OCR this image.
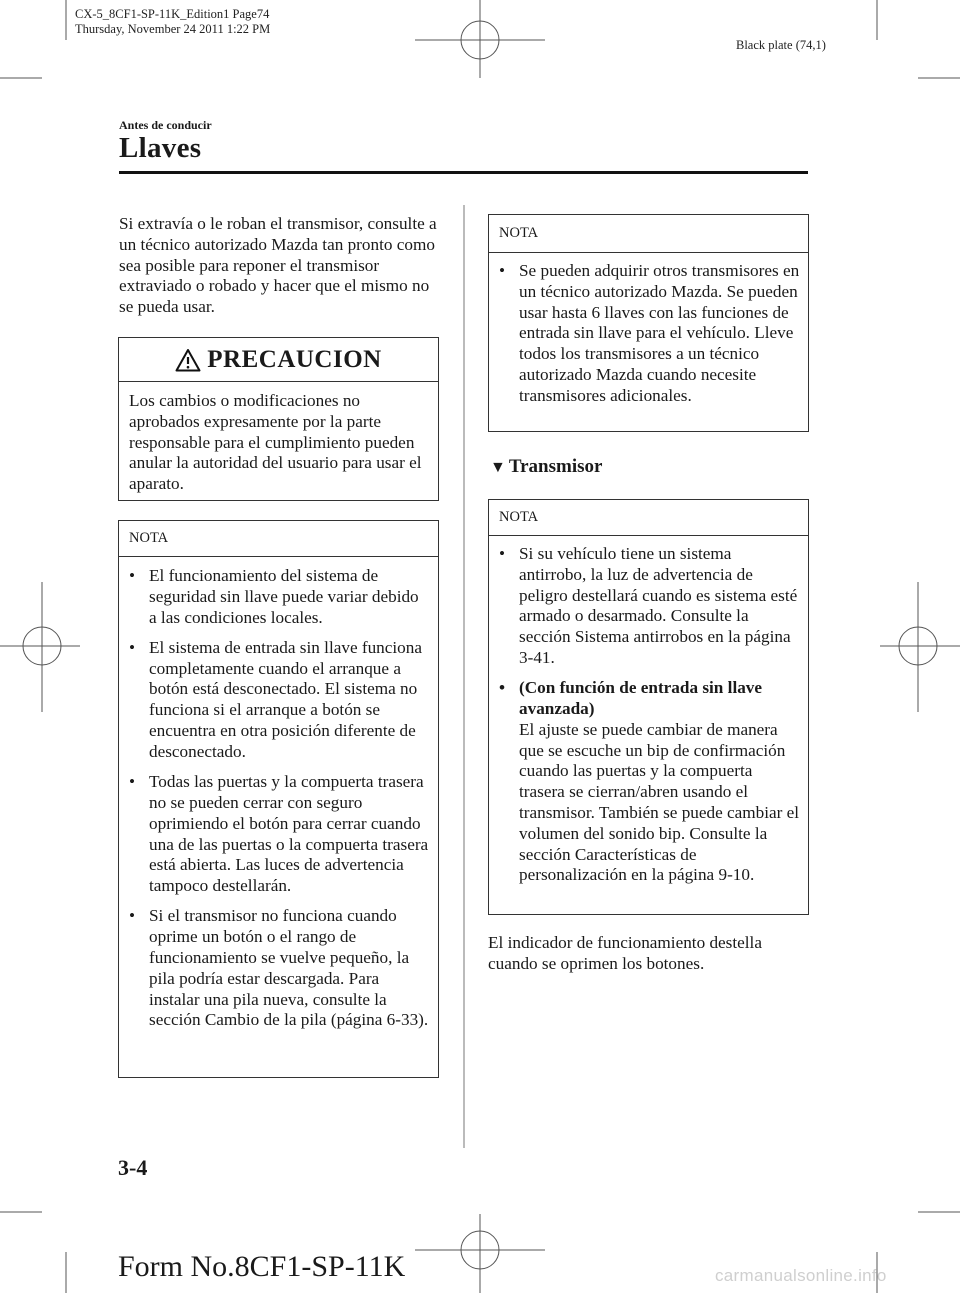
CX-5_8CF1-SP-11K_Edition1 Page74
Thursday, November 24 2011 1:22 PM
Black plate (74,1)
Antes de conducir
Llaves
Si extravía o le roban el transmisor, consulte a un técnico autorizado Mazda tan pronto como sea posible para reponer el transmisor extraviado o robado y hacer que el mismo no se pueda usar.
PRECAUCION
Los cambios o modificaciones no aprobados expresamente por la parte responsable para el cumplimiento pueden anular la autoridad del usuario para usar el aparato.
NOTA
• El funcionamiento del sistema de seguridad sin llave puede variar debido a las condiciones locales.
• El sistema de entrada sin llave funciona completamente cuando el arranque a botón está desconectado. El sistema no funciona si el arranque a botón se encuentra en otra posición diferente de desconectado.
• Todas las puertas y la compuerta trasera no se pueden cerrar con seguro oprimiendo el botón para cerrar cuando una de las puertas o la compuerta trasera está abierta. Las luces de advertencia tampoco destellarán.
• Si el transmisor no funciona cuando oprime un botón o el rango de funcionamiento se vuelve pequeño, la pila podría estar descargada. Para instalar una pila nueva, consulte la sección Cambio de la pila (página 6-33).
NOTA
• Se pueden adquirir otros transmisores en un técnico autorizado Mazda. Se pueden usar hasta 6 llaves con las funciones de entrada sin llave para el vehículo. Lleve todos los transmisores a un técnico autorizado Mazda cuando necesite transmisores adicionales.
▼ Transmisor
NOTA
• Si su vehículo tiene un sistema antirrobo, la luz de advertencia de peligro destellará cuando es sistema esté armado o desarmado. Consulte la sección Sistema antirrobos en la página 3-41.
• (Con función de entrada sin llave avanzada)
El ajuste se puede cambiar de manera que se escuche un bip de confirmación cuando las puertas y la compuerta trasera se cierran/abren usando el transmisor. También se puede cambiar el volumen del sonido bip. Consulte la sección Características de personalización en la página 9-10.
El indicador de funcionamiento destella cuando se oprimen los botones.
3-4
Form No.8CF1-SP-11K	carmanualsonline.info
